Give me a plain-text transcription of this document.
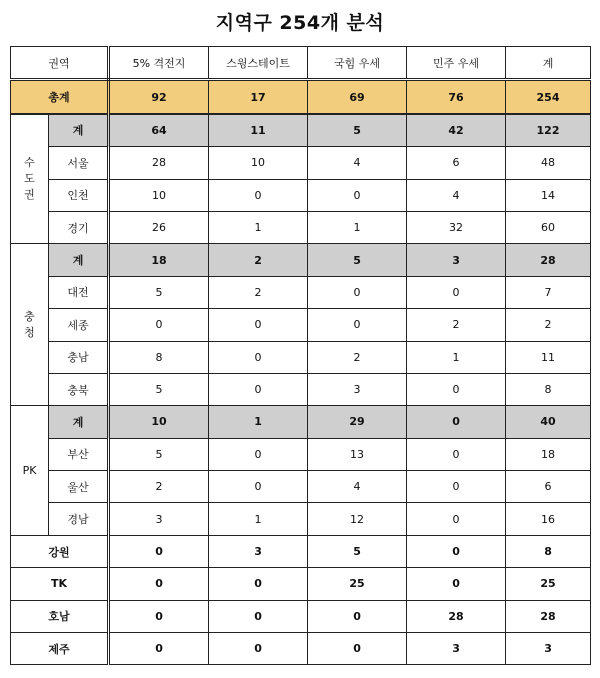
지역구 254개 분석
권역		5% 격전지	스윙스테이트	국힘 우세	민주 우세	계
총계		92	17	69	76	254
수
도
권	계	64	11	5	42	122
	서울	28	10	4	6	48
	인천	10	0	0	4	14
	경기	26	1	1	32	60
충
청	계	18	2	5	3	28
	대전	5	2	0	0	7
	세종	0	0	0	2	2
	충남	8	0	2	1	11
	충북	5	0	3	0	8
PK	계	10	1	29	0	40
	부산	5	0	13	0	18
	울산	2	0	4	0	6
	경남	3	1	12	0	16
강원		0	3	5	0	8
TK		0	0	25	0	25
호남		0	0	0	28	28
제주		0	0	0	3	3
